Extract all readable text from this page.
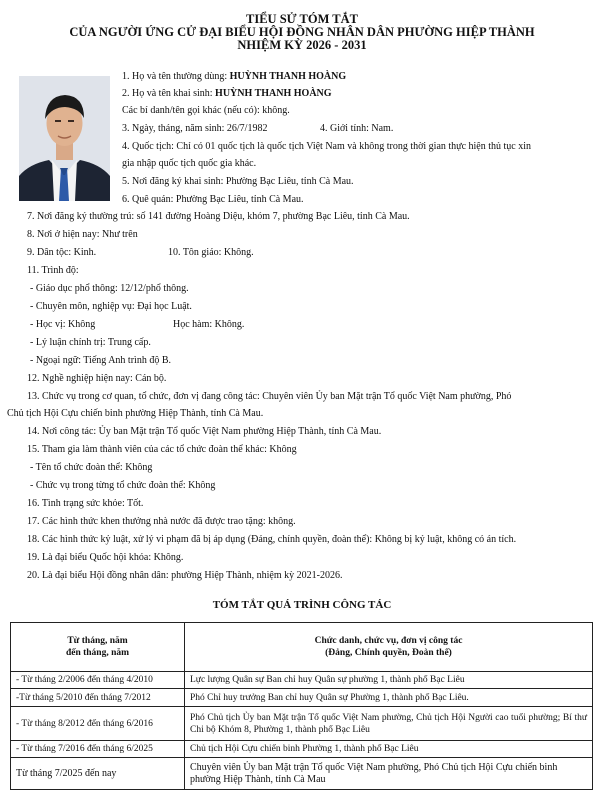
TIỂU SỬ TÓM TẮT
CỦA NGƯỜI ỨNG CỬ ĐẠI BIỂU HỘI ĐỒNG NHÂN DÂN PHƯỜNG HIỆP THÀNH
NHIỆM KỲ 2026 - 2031
1. Họ và tên thường dùng: HUỲNH THANH HOÀNG
2. Họ và tên khai sinh: HUỲNH THANH HOÀNG
Các bí danh/tên gọi khác (nếu có): không.
3. Ngày, tháng, năm sinh: 26/7/1982	4. Giới tính: Nam.
4. Quốc tịch: Chỉ có 01 quốc tịch là quốc tịch Việt Nam và không trong thời gian thực hiện thủ tục xin
gia nhập quốc tịch quốc gia khác.
5. Nơi đăng ký khai sinh: Phường Bạc Liêu, tỉnh Cà Mau.
6. Quê quán: Phường Bạc Liêu, tỉnh Cà Mau.
7. Nơi đăng ký thường trú: số 141 đường Hoàng Diệu, khóm 7, phường Bạc Liêu, tỉnh Cà Mau.
8. Nơi ở hiện nay: Như trên
9. Dân tộc: Kinh.	10. Tôn giáo: Không.
11. Trình độ:
- Giáo dục phổ thông: 12/12/phổ thông.
- Chuyên môn, nghiệp vụ: Đại học Luật.
- Học vị: Không	Học hàm: Không.
- Lý luận chính trị: Trung cấp.
- Ngoại ngữ: Tiếng Anh trình độ B.
12. Nghề nghiệp hiện nay: Cán bộ.
13. Chức vụ trong cơ quan, tổ chức, đơn vị đang công tác: Chuyên viên Ủy ban Mặt trận Tổ quốc Việt Nam phường, Phó
Chủ tịch Hội Cựu chiến binh phường Hiệp Thành, tỉnh Cà Mau.
14. Nơi công tác: Ủy ban Mặt trận Tổ quốc Việt Nam phường Hiệp Thành, tỉnh Cà Mau.
15. Tham gia làm thành viên của các tổ chức đoàn thể khác: Không
- Tên tổ chức đoàn thể: Không
- Chức vụ trong từng tổ chức đoàn thể: Không
16. Tình trạng sức khỏe: Tốt.
17. Các hình thức khen thưởng nhà nước đã được trao tặng: không.
18. Các hình thức kỷ luật, xử lý vi phạm đã bị áp dụng (Đảng, chính quyền, đoàn thể): Không bị kỷ luật, không có án tích.
19. Là đại biểu Quốc hội khóa: Không.
20. Là đại biểu Hội đồng nhân dân: phường Hiệp Thành, nhiệm kỳ 2021-2026.
TÓM TẮT QUÁ TRÌNH CÔNG TÁC
Từ tháng, năm
đến tháng, năm	Chức danh, chức vụ, đơn vị công tác
(Đảng, Chính quyền, Đoàn thể)
- Từ tháng 2/2006 đến tháng 4/2010	Lực lượng Quân sự Ban chỉ huy Quân sự phường 1, thành phố Bạc Liêu
-Từ tháng 5/2010 đến tháng 7/2012	Phó Chỉ huy trưởng Ban chỉ huy Quân sự Phường 1, thành phố Bạc Liêu.
- Từ tháng 8/2012 đến tháng 6/2016	Phó Chủ tịch Ủy ban Mặt trận Tổ quốc Việt Nam phường, Chủ tịch Hội Người cao tuổi phường; Bí thư Chi bộ Khóm 8, Phường 1, thành phố Bạc Liêu
- Từ tháng 7/2016 đến tháng 6/2025	Chủ tịch Hội Cựu chiến binh Phường 1, thành phố Bạc Liêu
Từ tháng 7/2025 đến nay	Chuyên viên Ủy ban Mặt trận Tổ quốc Việt Nam phường, Phó Chủ tịch Hội Cựu chiến binh phường Hiệp Thành, tỉnh Cà Mau
